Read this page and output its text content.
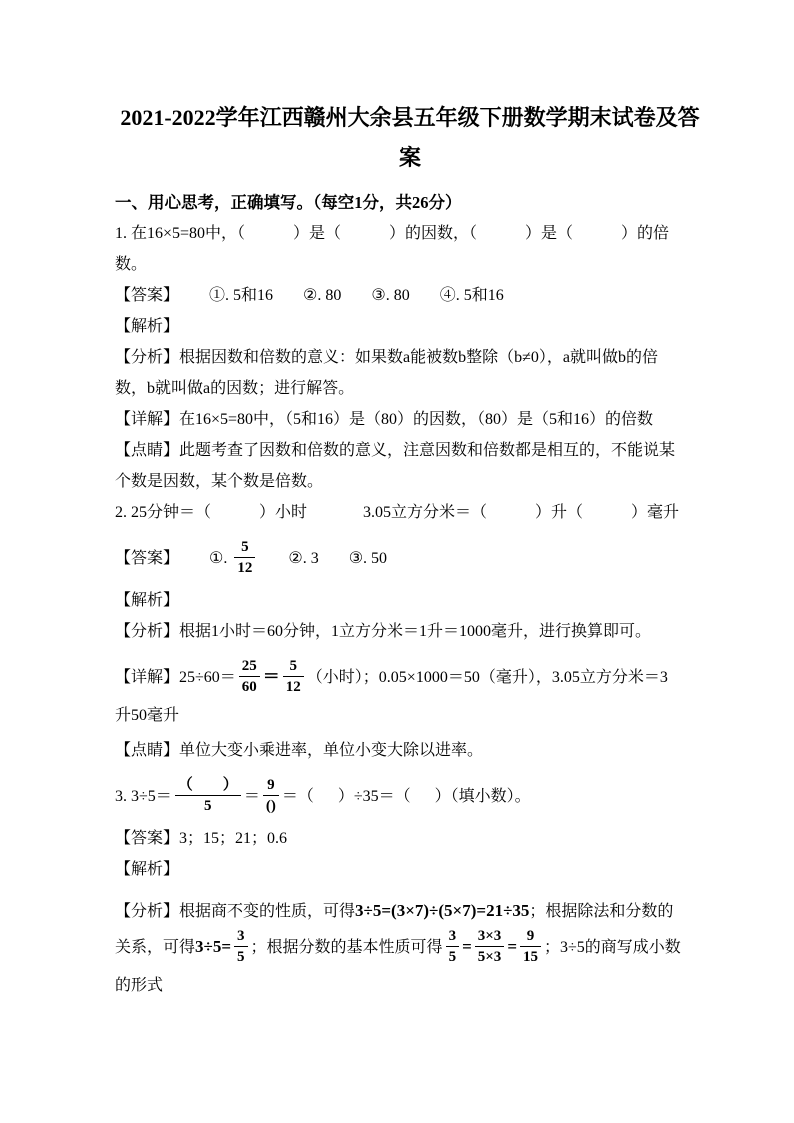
2021-2022学年江西赣州大余县五年级下册数学期末试卷及答案
一、用心思考，正确填写。（每空1分，共26分）

1. 在16×5=80中，（            ）是（            ）的因数，（            ）是（            ）的倍数。

【答案】 ①. 5和16 ②. 80 ③. 80 ④. 5和16

【解析】

【分析】根据因数和倍数的意义：如果数a能被数b整除（b≠0），a就叫做b的倍数，b就叫做a的因数；进行解答。

【详解】在16×5=80中，（5和16）是（80）的因数，（80）是（5和16）的倍数

【点睛】此题考查了因数和倍数的意义，注意因数和倍数都是相互的，不能说某个数是因数，某个数是倍数。

2. 25分钟＝（            ）小时              3.05立方分米＝（            ）升（            ）毫升

【答案】 ①. $\frac{5}{12}$ ②. 3 ③. 50

【解析】

【分析】根据1小时＝60分钟，1立方分米＝1升＝1000毫升，进行换算即可。

【详解】$25\div 60= \frac{25}{60} = \frac{5}{12}$ （小时）；0.05×1000＝50（毫升），3.05立方分米＝3升50毫升

【点睛】单位大变小乘进率，单位小变大除以进率。

3. $3\div 5= \frac{( )}{5} = \frac{9}{()}$ ＝（      ）÷35＝（      ）（填小数）。

【答案】3；15；21；0.6

【解析】

【分析】根据商不变的性质，可得3÷5=(3×7)÷(5×7)=21÷35；根据除法和分数的关系，可得$3\div 5= \frac{3}{5}$ ；根据分数的基本性质可得 $\frac{3}{5} = \frac{3\times 3}{5\times 3} = \frac{9}{15}$ ；3÷5的商写成小数的形式
